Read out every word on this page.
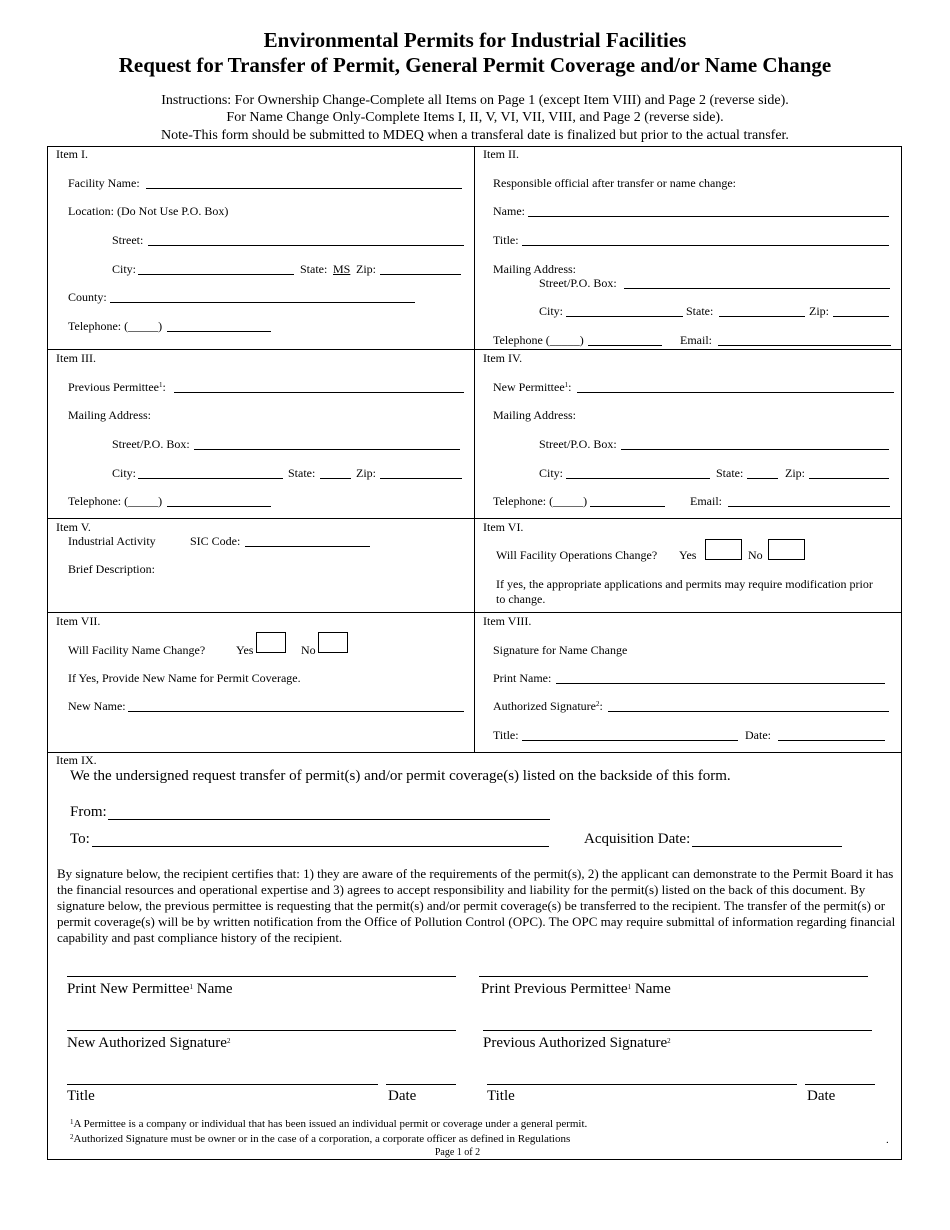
Environmental Permits for Industrial Facilities
Request for Transfer of Permit, General Permit Coverage and/or Name Change
Instructions: For Ownership Change-Complete all Items on Page 1 (except Item VIII) and Page 2 (reverse side).
For Name Change Only-Complete Items I, II, V, VI, VII, VIII, and Page 2 (reverse side).
Note-This form should be submitted to MDEQ when a transferal date is finalized but prior to the actual transfer.
Item I.
Facility Name:
Location: (Do Not Use P.O. Box)
Street:
City:	State: MS Zip:
County:
Telephone: (_____)
Item II.
Responsible official after transfer or name change:
Name:
Title:
Mailing Address:
Street/P.O. Box:
City:	State:	Zip:
Telephone (_____)	Email:
Item III.
Previous Permittee$^1$:
Mailing Address:
Street/P.O. Box:
City:	State:	Zip:
Telephone: (_____)
Item IV.
New Permittee$^1$:
Mailing Address:
Street/P.O. Box:
City:	State:	Zip:
Telephone: (_____)	Email:
Item V.
Industrial Activity	SIC Code:
Brief Description:
Item VI.
Will Facility Operations Change? Yes	No
If yes, the appropriate applications and permits may require modification prior
to change.
Item VII.
Will Facility Name Change?	Yes	No
If Yes, Provide New Name for Permit Coverage.
New Name:
Item VIII.
Signature for Name Change
Print Name:
Authorized Signature$^2$:
Title:	Date:
Item IX.
We the undersigned request transfer of permit(s) and/or permit coverage(s) listed on the backside of this form.
From:
To:	Acquisition Date:
By signature below, the recipient certifies that: 1) they are aware of the requirements of the permit(s), 2) the applicant can demonstrate to the Permit Board it has the financial resources and operational expertise and 3) agrees to accept responsibility and liability for the permit(s) listed on the back of this document. By signature below, the previous permittee is requesting that the permit(s) and/or permit coverage(s) be transferred to the recipient. The transfer of the permit(s) or permit coverage(s) will be by written notification from the Office of Pollution Control (OPC). The OPC may require submittal of information regarding financial capability and past compliance history of the recipient.
Print New Permittee$^1$ Name	Print Previous Permittee$^1$ Name
New Authorized Signature$^2$	Previous Authorized Signature$^2$
Title	Date	Title	Date
$^1$A Permittee is a company or individual that has been issued an individual permit or coverage under a general permit.
$^2$Authorized Signature must be owner or in the case of a corporation, a corporate officer as defined in Regulations	.
Page 1 of 2
